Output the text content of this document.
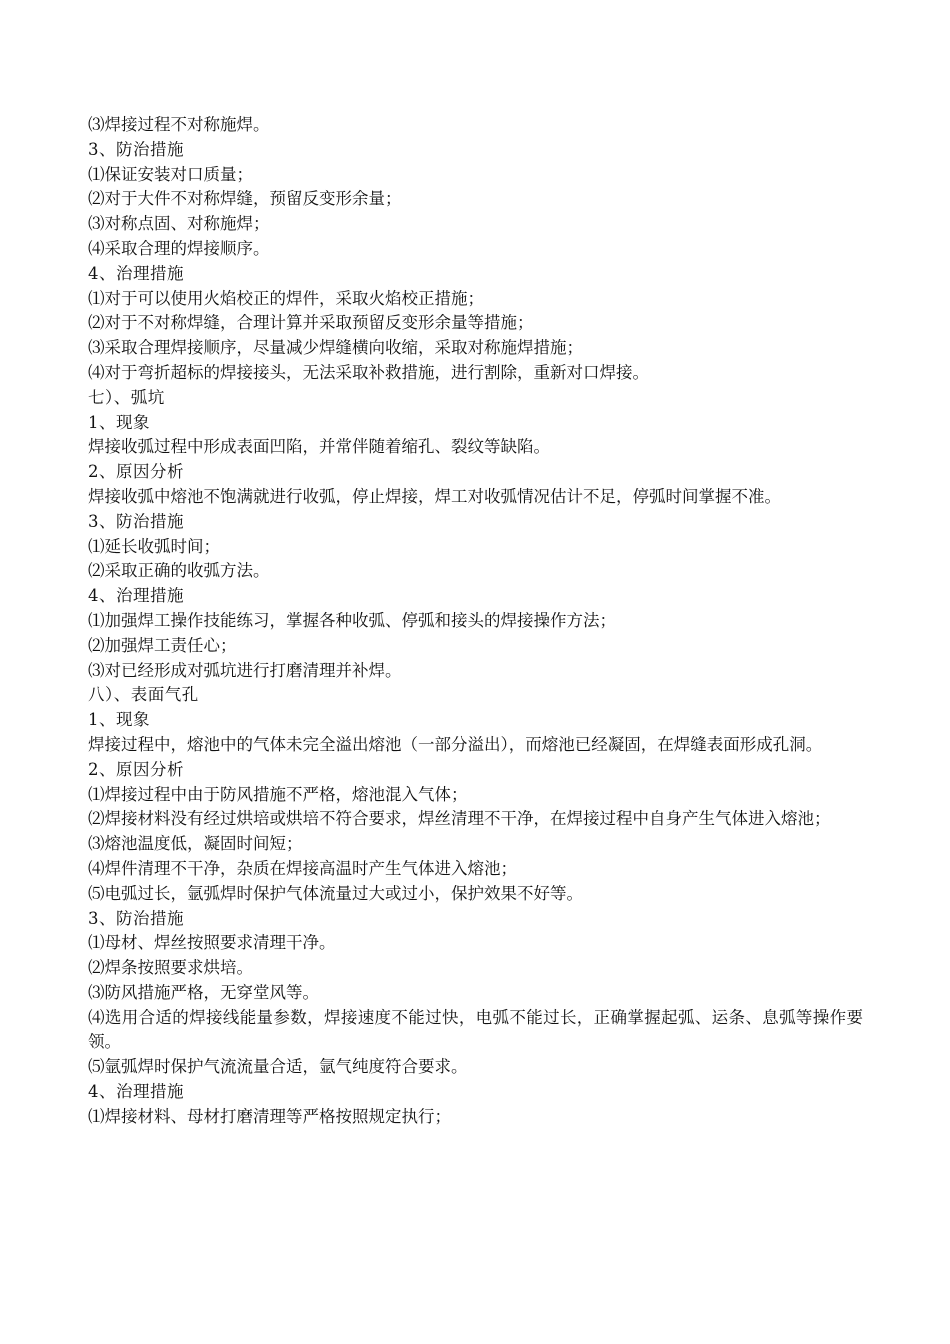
⑶焊接过程不对称施焊。

3、防治措施

⑴保证安装对口质量；

⑵对于大件不对称焊缝，预留反变形余量；

⑶对称点固、对称施焊；

⑷采取合理的焊接顺序。

4、治理措施

⑴对于可以使用火焰校正的焊件，采取火焰校正措施；

⑵对于不对称焊缝，合理计算并采取预留反变形余量等措施；

⑶采取合理焊接顺序，尽量减少焊缝横向收缩，采取对称施焊措施；

⑷对于弯折超标的焊接接头，无法采取补救措施，进行割除，重新对口焊接。

七）、弧坑

1、现象

焊接收弧过程中形成表面凹陷，并常伴随着缩孔、裂纹等缺陷。

2、原因分析

焊接收弧中熔池不饱满就进行收弧，停止焊接，焊工对收弧情况估计不足，停弧时间掌握不准。

3、防治措施

⑴延长收弧时间；

⑵采取正确的收弧方法。

4、治理措施

⑴加强焊工操作技能练习，掌握各种收弧、停弧和接头的焊接操作方法；

⑵加强焊工责任心；

⑶对已经形成对弧坑进行打磨清理并补焊。

八）、表面气孔

1、现象

焊接过程中，熔池中的气体未完全溢出熔池（一部分溢出），而熔池已经凝固，在焊缝表面形成孔洞。

2、原因分析

⑴焊接过程中由于防风措施不严格，熔池混入气体；

⑵焊接材料没有经过烘培或烘培不符合要求，焊丝清理不干净，在焊接过程中自身产生气体进入熔池；

⑶熔池温度低，凝固时间短；

⑷焊件清理不干净，杂质在焊接高温时产生气体进入熔池；

⑸电弧过长，氩弧焊时保护气体流量过大或过小，保护效果不好等。

3、防治措施

⑴母材、焊丝按照要求清理干净。

⑵焊条按照要求烘培。

⑶防风措施严格，无穿堂风等。

⑷选用合适的焊接线能量参数，焊接速度不能过快，电弧不能过长，正确掌握起弧、运条、息弧等操作要领。

⑸氩弧焊时保护气流流量合适，氩气纯度符合要求。

4、治理措施

⑴焊接材料、母材打磨清理等严格按照规定执行；
